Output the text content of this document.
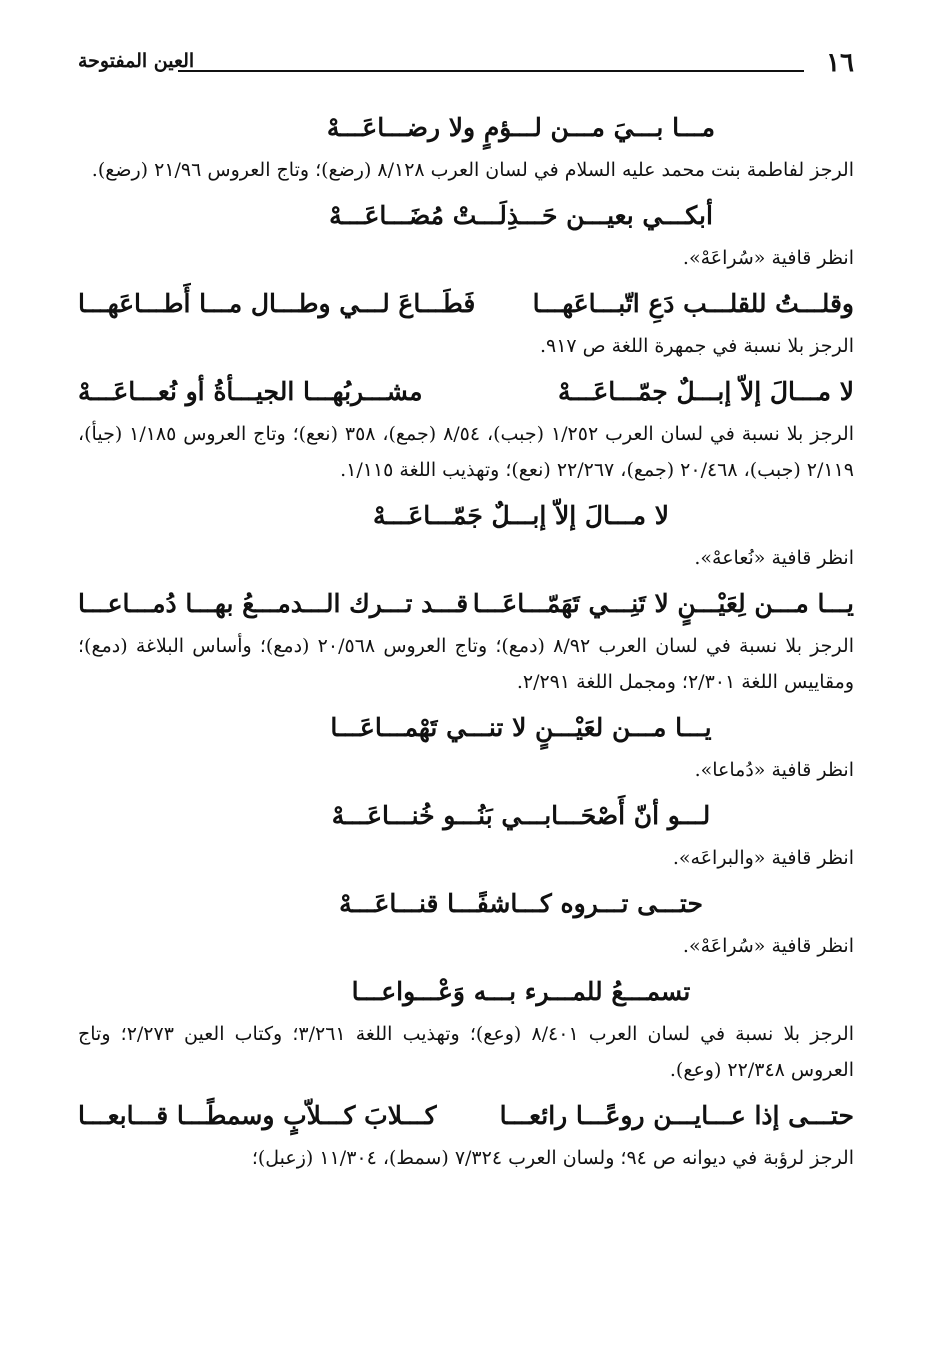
١٦
العين المفتوحة
مـــا بـــيَ مـــن لـــؤمٍ ولا رضـــاعَـــهْ

الرجز لفاطمة بنت محمد عليه السلام في لسان العرب ٨/١٢٨ (رضع)؛ وتاج العروس ٢١/٩٦ (رضع).

أبكـــي بعيـــن حَـــذِلَـــتْ مُضَـــاعَـــهْ

انظر قافية «سُراعَهْ».

وقلـــتُ للقلـــب دَعِ اتّبـــاعَهـــا
فَطَـــاعَ لـــي وطـــال مـــا أَطـــاعَهـــا

الرجز بلا نسبة في جمهرة اللغة ص ٩١٧.

لا مـــالَ إلاّ إبـــلٌ جمّـــاعَـــهْ
مشـــربُهـــا الجيـــأةُ أو نُعـــاعَـــهْ

الرجز بلا نسبة في لسان العرب ١/٢٥٢ (جبب)، ٨/٥٤ (جمع)، ٣٥٨ (نعع)؛ وتاج العروس ١/١٨٥ (جيأ)، ٢/١١٩ (جبب)، ٢٠/٤٦٨ (جمع)، ٢٢/٢٦٧ (نعع)؛ وتهذيب اللغة ١/١١٥.

لا مـــالَ إلاّ إبـــلٌ جَمّـــاعَـــهْ

انظر قافية «نُعاعهْ».

يـــا مـــن لِعَيْـــنٍ لا تَنِـــي تَهَمّـــاعَـــا
قـــد تـــرك الـــدمـــعُ بهـــا دُمـــاعـــا

الرجز بلا نسبة في لسان العرب ٨/٩٢ (دمع)؛ وتاج العروس ٢٠/٥٦٨ (دمع)؛ وأساس البلاغة (دمع)؛ ومقاييس اللغة ٢/٣٠١؛ ومجمل اللغة ٢/٢٩١.

يـــا مـــن لعَيْـــنٍ لا تنـــي تَهْمـــاعَـــا

انظر قافية «دُماعا».

لـــو أنّ أَصْحَـــابـــي بَنُـــو خُنـــاعَـــهْ

انظر قافية «والبراعَه».

حتـــى تـــروه كـــاشفًـــا قنـــاعَـــهْ

انظر قافية «سُراعَهْ».

تسمـــعُ للمـــرء بـــه وَعْـــواعـــا

الرجز بلا نسبة في لسان العرب ٨/٤٠١ (وعع)؛ وتهذيب اللغة ٣/٢٦١؛ وكتاب العين ٢/٢٧٣؛ وتاج العروس ٢٢/٣٤٨ (وعع).

حتـــى إذا عـــايـــن روعًـــا رائعـــا
كـــلابَ كـــلاّبٍ وسمطًـــا قـــابعـــا

الرجز لرؤبة في ديوانه ص ٩٤؛ ولسان العرب ٧/٣٢٤ (سمط)، ١١/٣٠٤ (زعبل)؛
